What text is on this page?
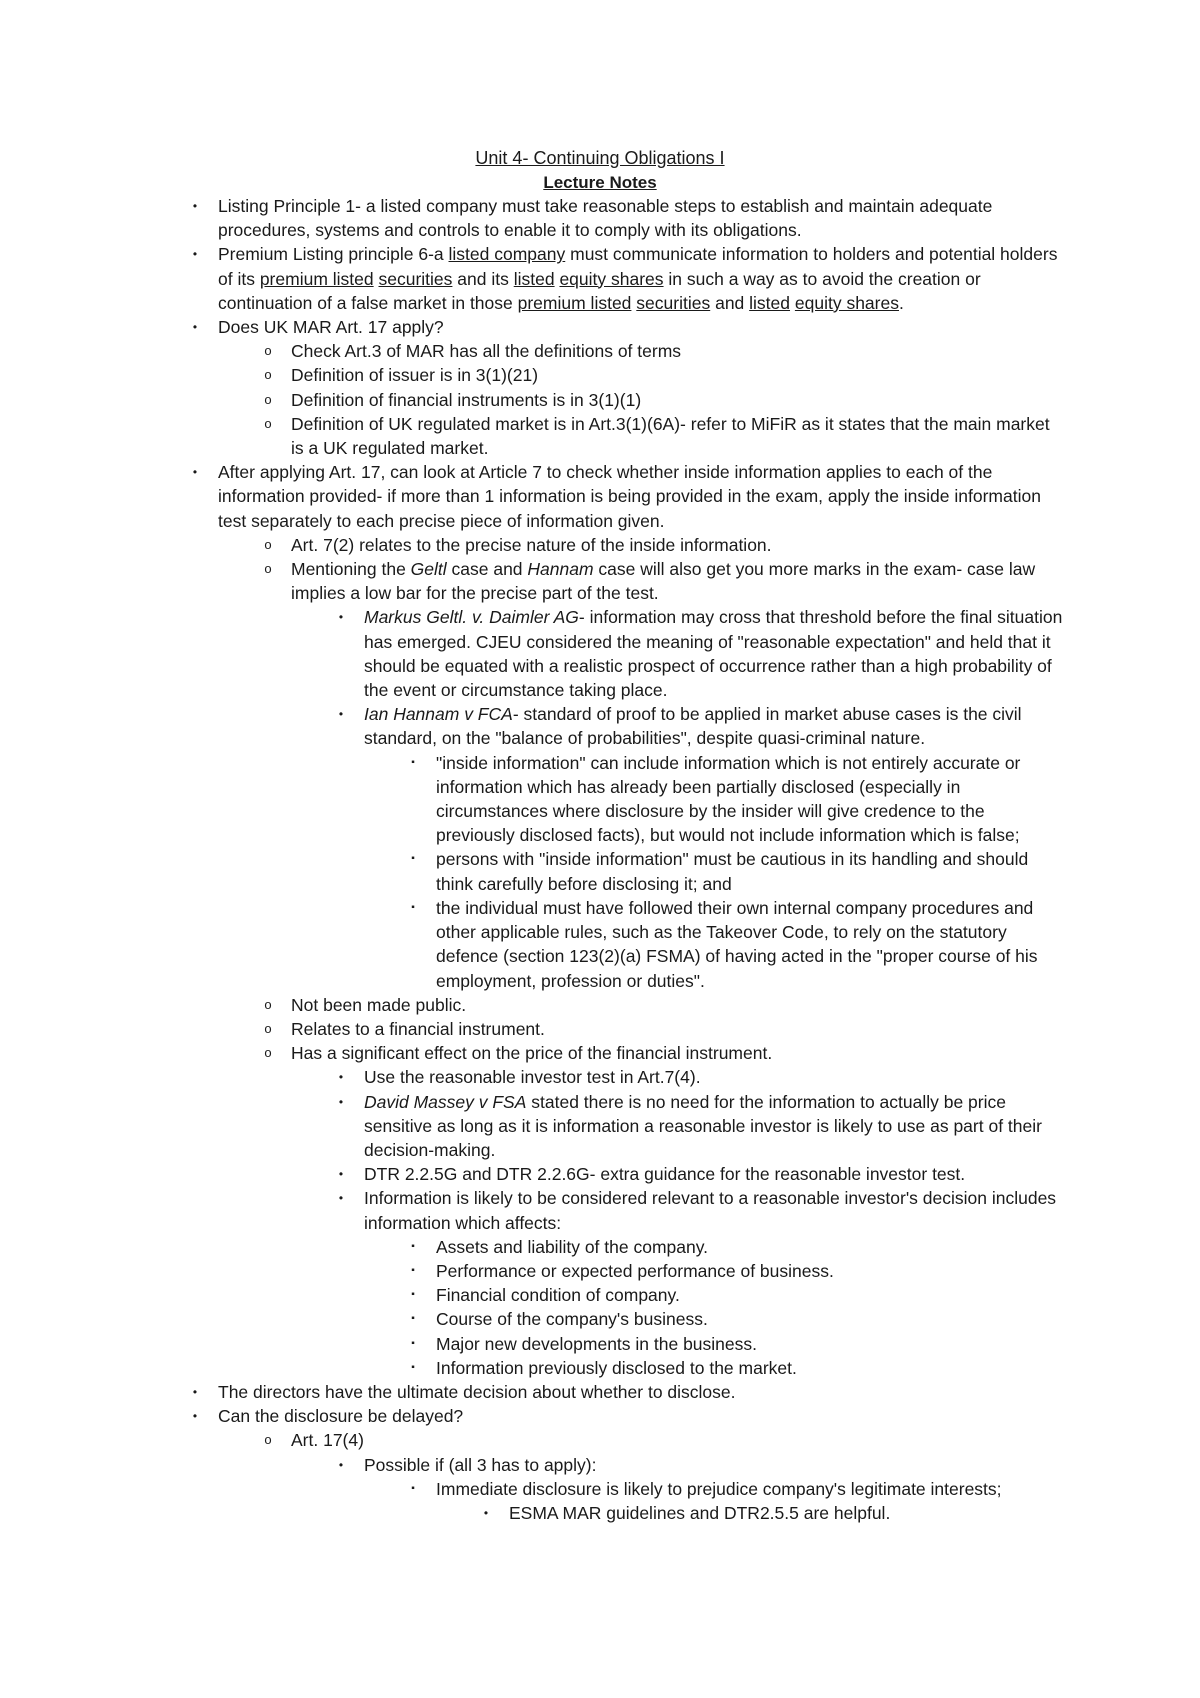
Unit 4- Continuing Obligations I
Lecture Notes
•	Listing Principle 1- a listed company must take reasonable steps to establish and maintain adequate procedures, systems and controls to enable it to comply with its obligations.
•	Premium Listing principle 6-a listed company must communicate information to holders and potential holders of its premium listed securities and its listed equity shares in such a way as to avoid the creation or continuation of a false market in those premium listed securities and listed equity shares.
•	Does UK MAR Art. 17 apply?
o	Check Art.3 of MAR has all the definitions of terms
o	Definition of issuer is in 3(1)(21)
o	Definition of financial instruments is in 3(1)(1)
o	Definition of UK regulated market is in Art.3(1)(6A)- refer to MiFiR as it states that the main market is a UK regulated market.
•	After applying Art. 17, can look at Article 7 to check whether inside information applies to each of the information provided- if more than 1 information is being provided in the exam, apply the inside information test separately to each precise piece of information given.
o	Art. 7(2) relates to the precise nature of the inside information.
o	Mentioning the Geltl case and Hannam case will also get you more marks in the exam- case law implies a low bar for the precise part of the test.
•	Markus Geltl. v. Daimler AG- information may cross that threshold before the final situation has emerged. CJEU considered the meaning of "reasonable expectation" and held that it should be equated with a realistic prospect of occurrence rather than a high probability of the event or circumstance taking place.
•	Ian Hannam v FCA- standard of proof to be applied in market abuse cases is the civil standard, on the "balance of probabilities", despite quasi-criminal nature.
▪	"inside information" can include information which is not entirely accurate or information which has already been partially disclosed (especially in circumstances where disclosure by the insider will give credence to the previously disclosed facts), but would not include information which is false;
▪	persons with "inside information" must be cautious in its handling and should think carefully before disclosing it; and
▪	the individual must have followed their own internal company procedures and other applicable rules, such as the Takeover Code, to rely on the statutory defence (section 123(2)(a) FSMA) of having acted in the "proper course of his employment, profession or duties".
o	Not been made public.
o	Relates to a financial instrument.
o	Has a significant effect on the price of the financial instrument.
•	Use the reasonable investor test in Art.7(4).
•	David Massey v FSA stated there is no need for the information to actually be price sensitive as long as it is information a reasonable investor is likely to use as part of their decision-making.
•	DTR 2.2.5G and DTR 2.2.6G- extra guidance for the reasonable investor test.
•	Information is likely to be considered relevant to a reasonable investor's decision includes information which affects:
▪	Assets and liability of the company.
▪	Performance or expected performance of business.
▪	Financial condition of company.
▪	Course of the company's business.
▪	Major new developments in the business.
▪	Information previously disclosed to the market.
•	The directors have the ultimate decision about whether to disclose.
•	Can the disclosure be delayed?
o	Art. 17(4)
•	Possible if (all 3 has to apply):
▪	Immediate disclosure is likely to prejudice company's legitimate interests;
•	ESMA MAR guidelines and DTR2.5.5 are helpful.
